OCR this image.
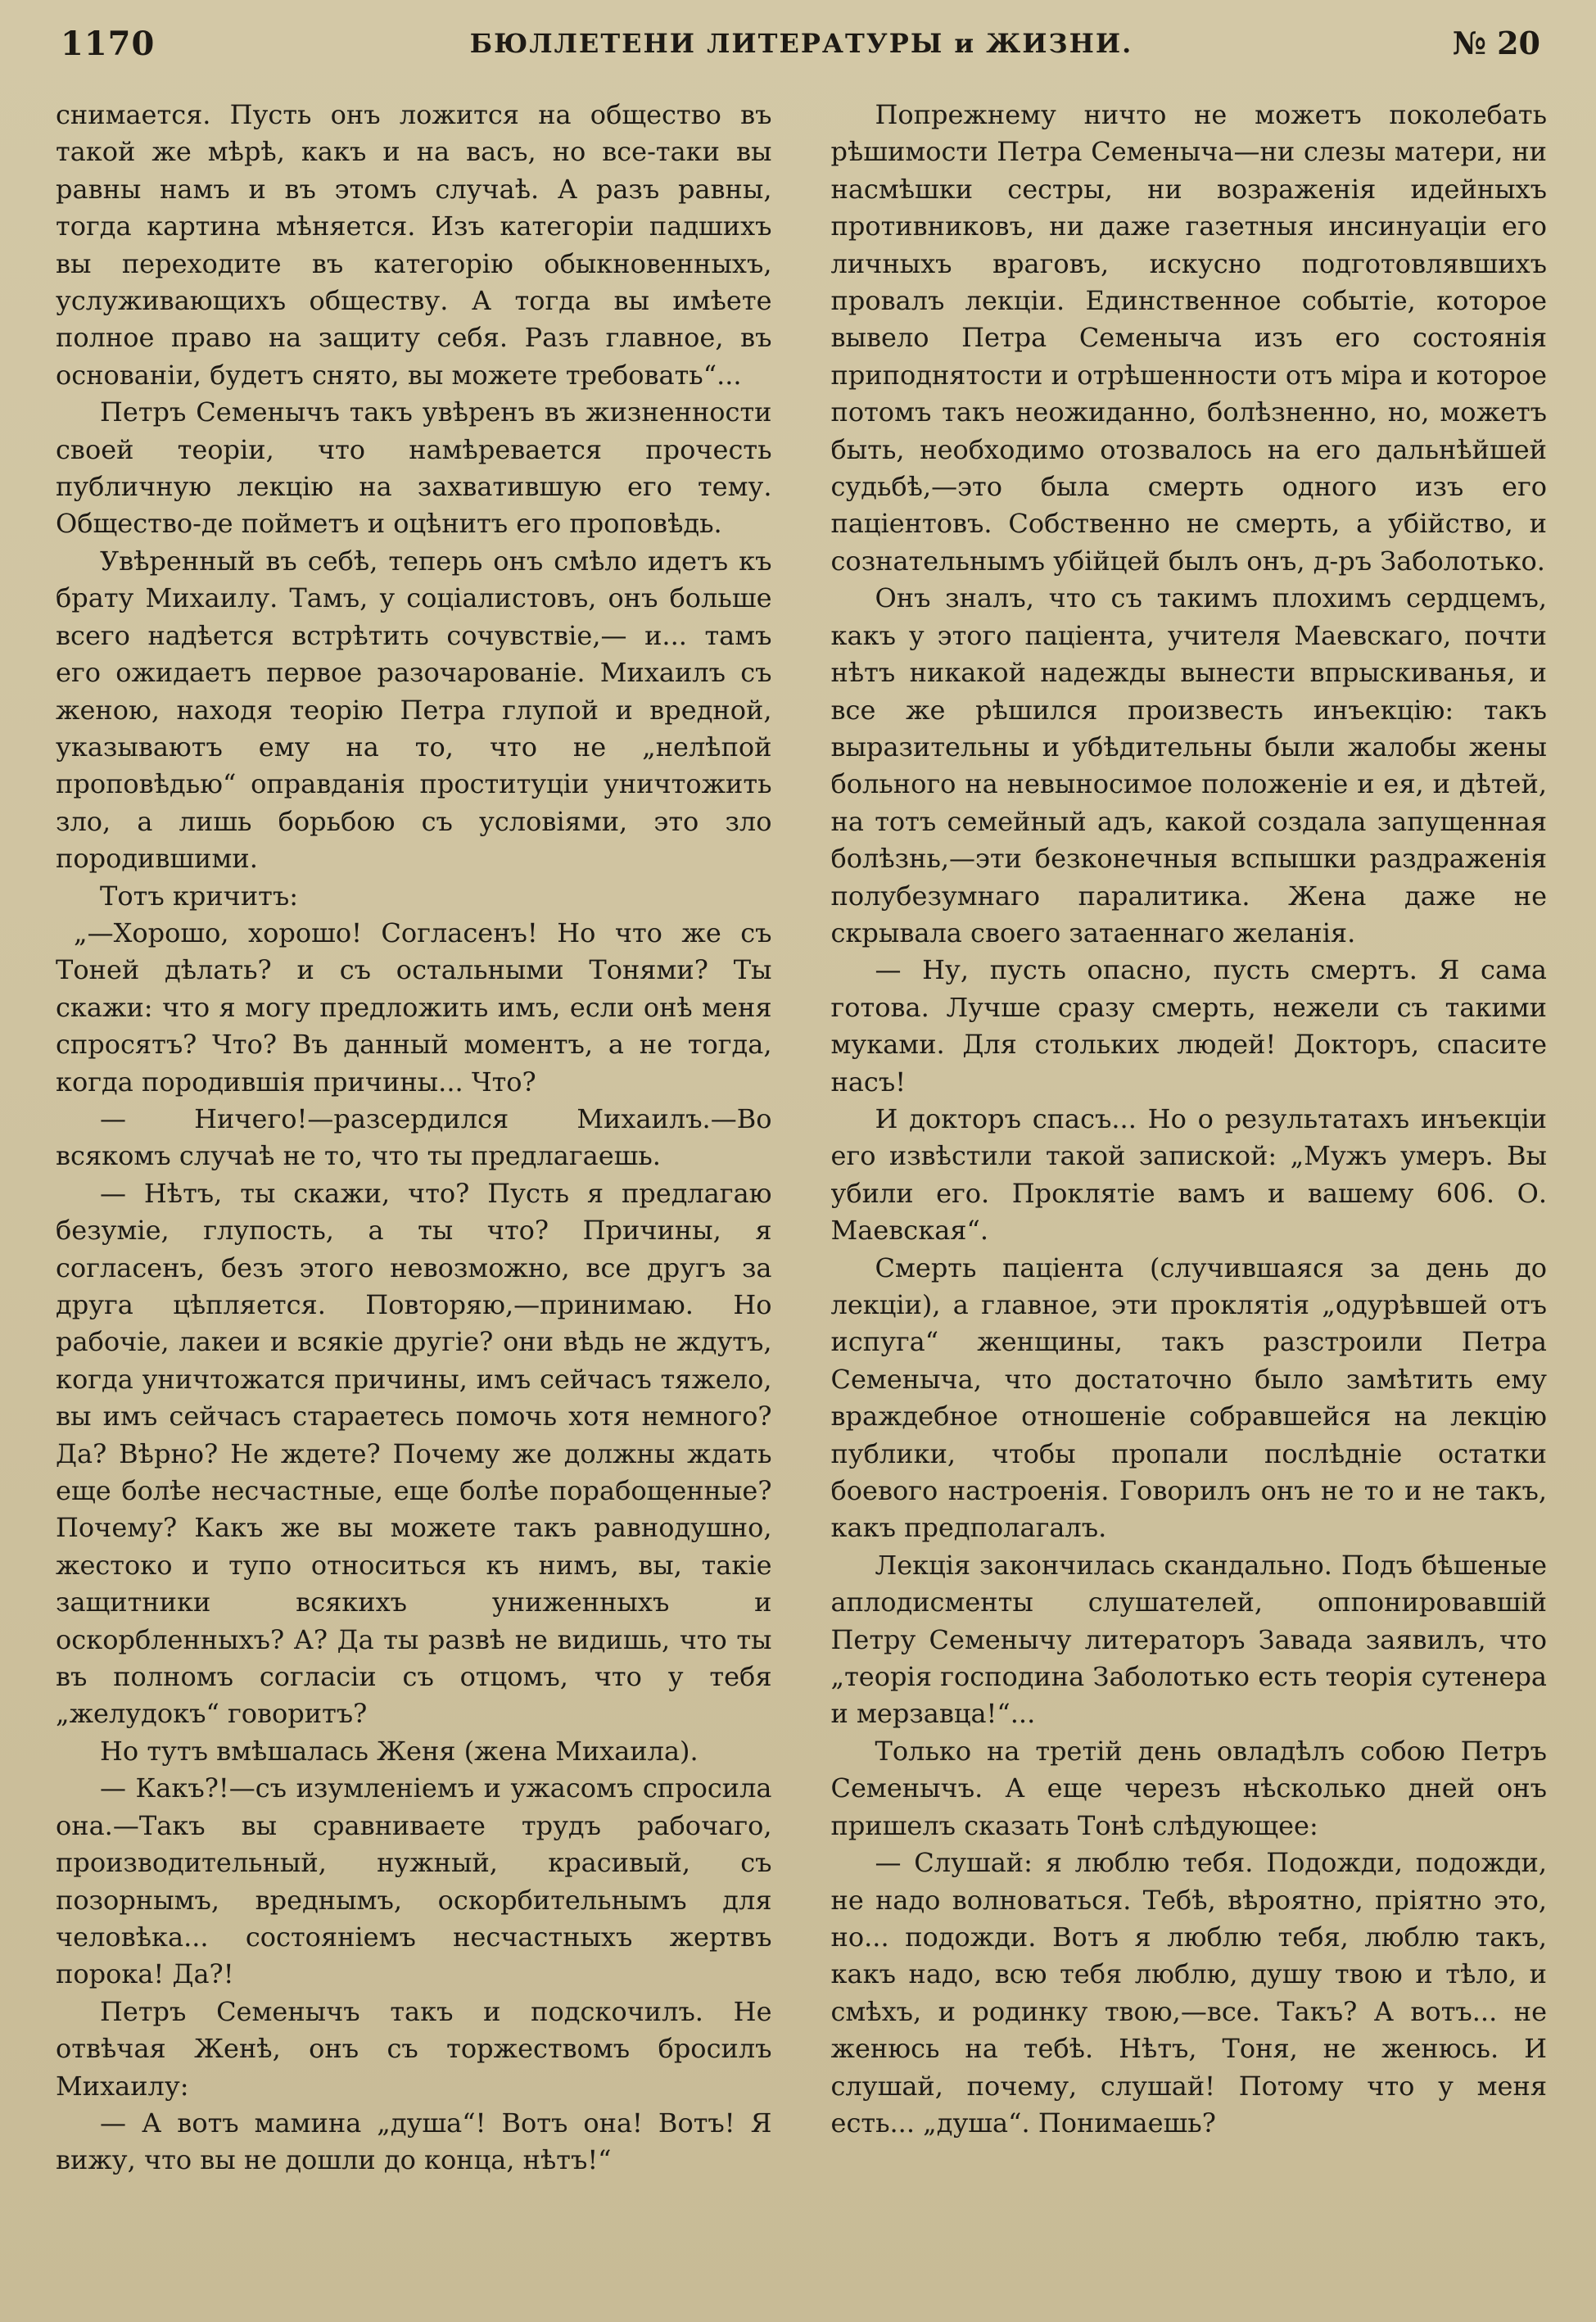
1170	БЮЛЛЕТЕНИ ЛИТЕРАТУРЫ и ЖИЗНИ.	№ 20

снимается. Пусть онъ ложится на общество въ такой же мѣрѣ, какъ и на васъ, но все-таки вы равны намъ и въ этомъ случаѣ. А разъ равны, тогда картина мѣняется. Изъ категоріи падшихъ вы переходите въ категорію обыкновенныхъ, услуживающихъ обществу. А тогда вы имѣете полное право на защиту себя. Разъ главное, въ основаніи, будетъ снято, вы можете требовать“...

Петръ Семенычъ такъ увѣренъ въ жизненности своей теоріи, что намѣревается прочесть публичную лекцію на захватившую его тему. Общество-де пойметъ и оцѣнитъ его проповѣдь.

Увѣренный въ себѣ, теперь онъ смѣло идетъ къ брату Михаилу. Тамъ, у соціалистовъ, онъ больше всего надѣется встрѣтить сочувствіе,— и... тамъ его ожидаетъ первое разочарованіе. Михаилъ съ женою, находя теорію Петра глупой и вредной, указываютъ ему на то, что не „нелѣпой проповѣдью“ оправданія проституціи уничтожить зло, а лишь борьбою съ условіями, это зло породившими.

Тотъ кричитъ:

„—Хорошо, хорошо! Согласенъ! Но что же съ Тоней дѣлать? и съ остальными Тонями? Ты скажи: что я могу предложить имъ, если онѣ меня спросятъ? Что? Въ данный моментъ, а не тогда, когда породившія причины... Что?

— Ничего!—разсердился Михаилъ.—Во всякомъ случаѣ не то, что ты предлагаешь.

— Нѣтъ, ты скажи, что? Пусть я предлагаю безуміе, глупость, а ты что? Причины, я согласенъ, безъ этого невозможно, все другъ за друга цѣпляется. Повторяю,—принимаю. Но рабочіе, лакеи и всякіе другіе? они вѣдь не ждутъ, когда уничтожатся причины, имъ сейчасъ тяжело, вы имъ сейчасъ стараетесь помочь хотя немного? Да? Вѣрно? Не ждете? Почему же должны ждать еще болѣе несчастные, еще болѣе порабощенные? Почему? Какъ же вы можете такъ равнодушно, жестоко и тупо относиться къ нимъ, вы, такіе защитники всякихъ униженныхъ и оскорбленныхъ? А? Да ты развѣ не видишь, что ты въ полномъ согласіи съ отцомъ, что у тебя „желудокъ“ говоритъ?

Но тутъ вмѣшалась Женя (жена Михаила).

— Какъ?!—съ изумленіемъ и ужасомъ спросила она.—Такъ вы сравниваете трудъ рабочаго, производительный, нужный, красивый, съ позорнымъ, вреднымъ, оскорбительнымъ для человѣка... состояніемъ несчастныхъ жертвъ порока! Да?!

Петръ Семенычъ такъ и подскочилъ. Не отвѣчая Женѣ, онъ съ торжествомъ бросилъ Михаилу:

— А вотъ мамина „душа“! Вотъ она! Вотъ! Я вижу, что вы не дошли до конца, нѣтъ!“

Попрежнему ничто не можетъ поколебать рѣшимости Петра Семеныча—ни слезы матери, ни насмѣшки сестры, ни возраженія идейныхъ противниковъ, ни даже газетныя инсинуаціи его личныхъ враговъ, искусно подготовлявшихъ провалъ лекціи. Единственное событіе, которое вывело Петра Семеныча изъ его состоянія приподнятости и отрѣшенности отъ міра и которое потомъ такъ неожиданно, болѣзненно, но, можетъ быть, необходимо отозвалось на его дальнѣйшей судьбѣ,—это была смерть одного изъ его паціентовъ. Собственно не смерть, а убійство, и сознательнымъ убійцей былъ онъ, д-ръ Заболотько.

Онъ зналъ, что съ такимъ плохимъ сердцемъ, какъ у этого паціента, учителя Маевскаго, почти нѣтъ никакой надежды вынести впрыскиванья, и все же рѣшился произвесть инъекцію: такъ выразительны и убѣдительны были жалобы жены больного на невыносимое положеніе и ея, и дѣтей, на тотъ семейный адъ, какой создала запущенная болѣзнь,—эти безконечныя вспышки раздраженія полубезумнаго паралитика. Жена даже не скрывала своего затаеннаго желанія.

— Ну, пусть опасно, пусть смертъ. Я сама готова. Лучше сразу смерть, нежели съ такими муками. Для стольких людей! Докторъ, спасите насъ!

И докторъ спасъ... Но о результатахъ инъекціи его извѣстили такой запиской: „Мужъ умеръ. Вы убили его. Проклятіе вамъ и вашему 606. О. Маевская“.

Смерть паціента (случившаяся за день до лекціи), а главное, эти проклятія „одурѣвшей отъ испуга“ женщины, такъ разстроили Петра Семеныча, что достаточно было замѣтить ему враждебное отношеніе собравшейся на лекцію публики, чтобы пропали послѣдніе остатки боевого настроенія. Говорилъ онъ не то и не такъ, какъ предполагалъ.

Лекція закончилась скандально. Подъ бѣшеные аплодисменты слушателей, оппонировавшій Петру Семенычу литераторъ Завада заявилъ, что „теорія господина Заболотько есть теорія сутенера и мерзавца!“...

Только на третій день овладѣлъ собою Петръ Семенычъ. А еще черезъ нѣсколько дней онъ пришелъ сказать Тонѣ слѣдующее:

— Слушай: я люблю тебя. Подожди, подожди, не надо волноваться. Тебѣ, вѣроятно, пріятно это, но... подожди. Вотъ я люблю тебя, люблю такъ, какъ надо, всю тебя люблю, душу твою и тѣло, и смѣхъ, и родинку твою,—все. Такъ? А вотъ... не женюсь на тебѣ. Нѣтъ, Тоня, не женюсь. И слушай, почему, слушай! Потому что у меня есть... „душа“. Понимаешь?
